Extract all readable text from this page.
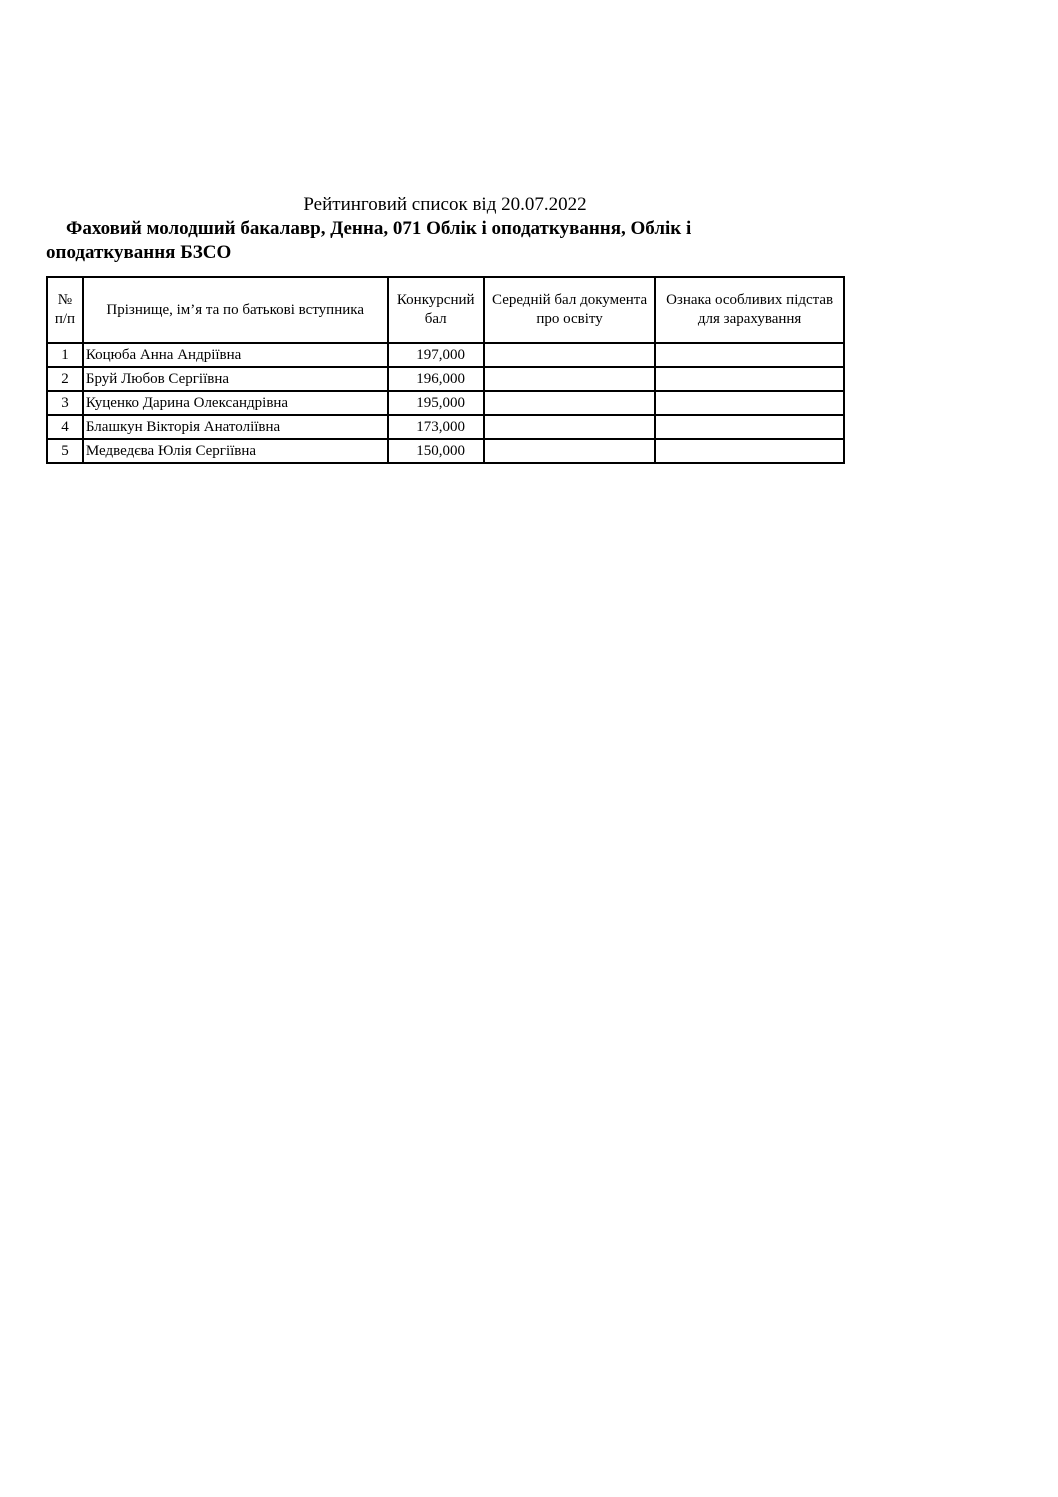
Рейтинговий список від 20.07.2022
Фаховий молодший бакалавр, Денна, 071 Облік і оподаткування, Облік і оподаткування БЗСО
№ п/п	Прізнище, ім’я та по батькові вступника	Конкурсний бал	Середній бал документа про освіту	Ознака особливих підстав для зарахування
1	Коцюба Анна Андріївна	197,000		
2	Бруй Любов Сергіївна	196,000		
3	Куценко Дарина Олександрівна	195,000		
4	Блашкун Вікторія Анатоліївна	173,000		
5	Медведєва Юлія Сергіївна	150,000		
